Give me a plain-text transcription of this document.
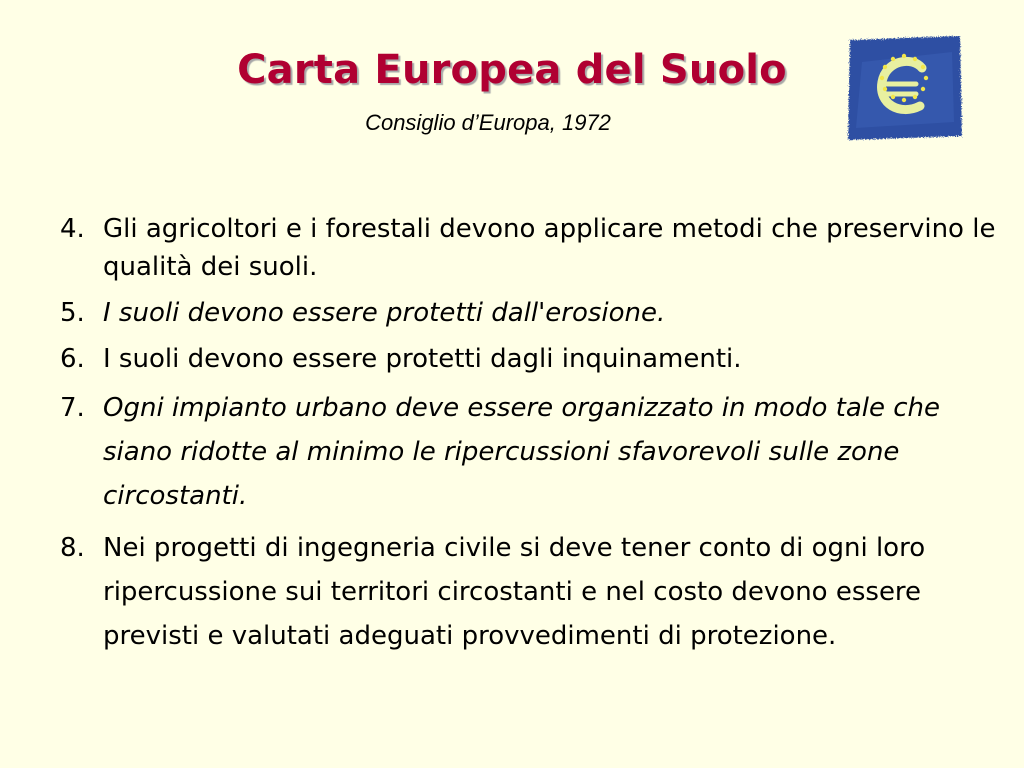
Carta Europea del Suolo

Consiglio d’Europa, 1972

4. Gli agricoltori e i forestali devono applicare metodi che preservino le qualità dei suoli.
5. I suoli devono essere protetti dall'erosione.
6. I suoli devono essere protetti dagli inquinamenti.
7. Ogni impianto urbano deve essere organizzato in modo tale che siano ridotte al minimo le ripercussioni sfavorevoli sulle zone circostanti.
8. Nei progetti di ingegneria civile si deve tener conto di ogni loro ripercussione sui territori circostanti e nel costo devono essere previsti e valutati adeguati provvedimenti di protezione.
